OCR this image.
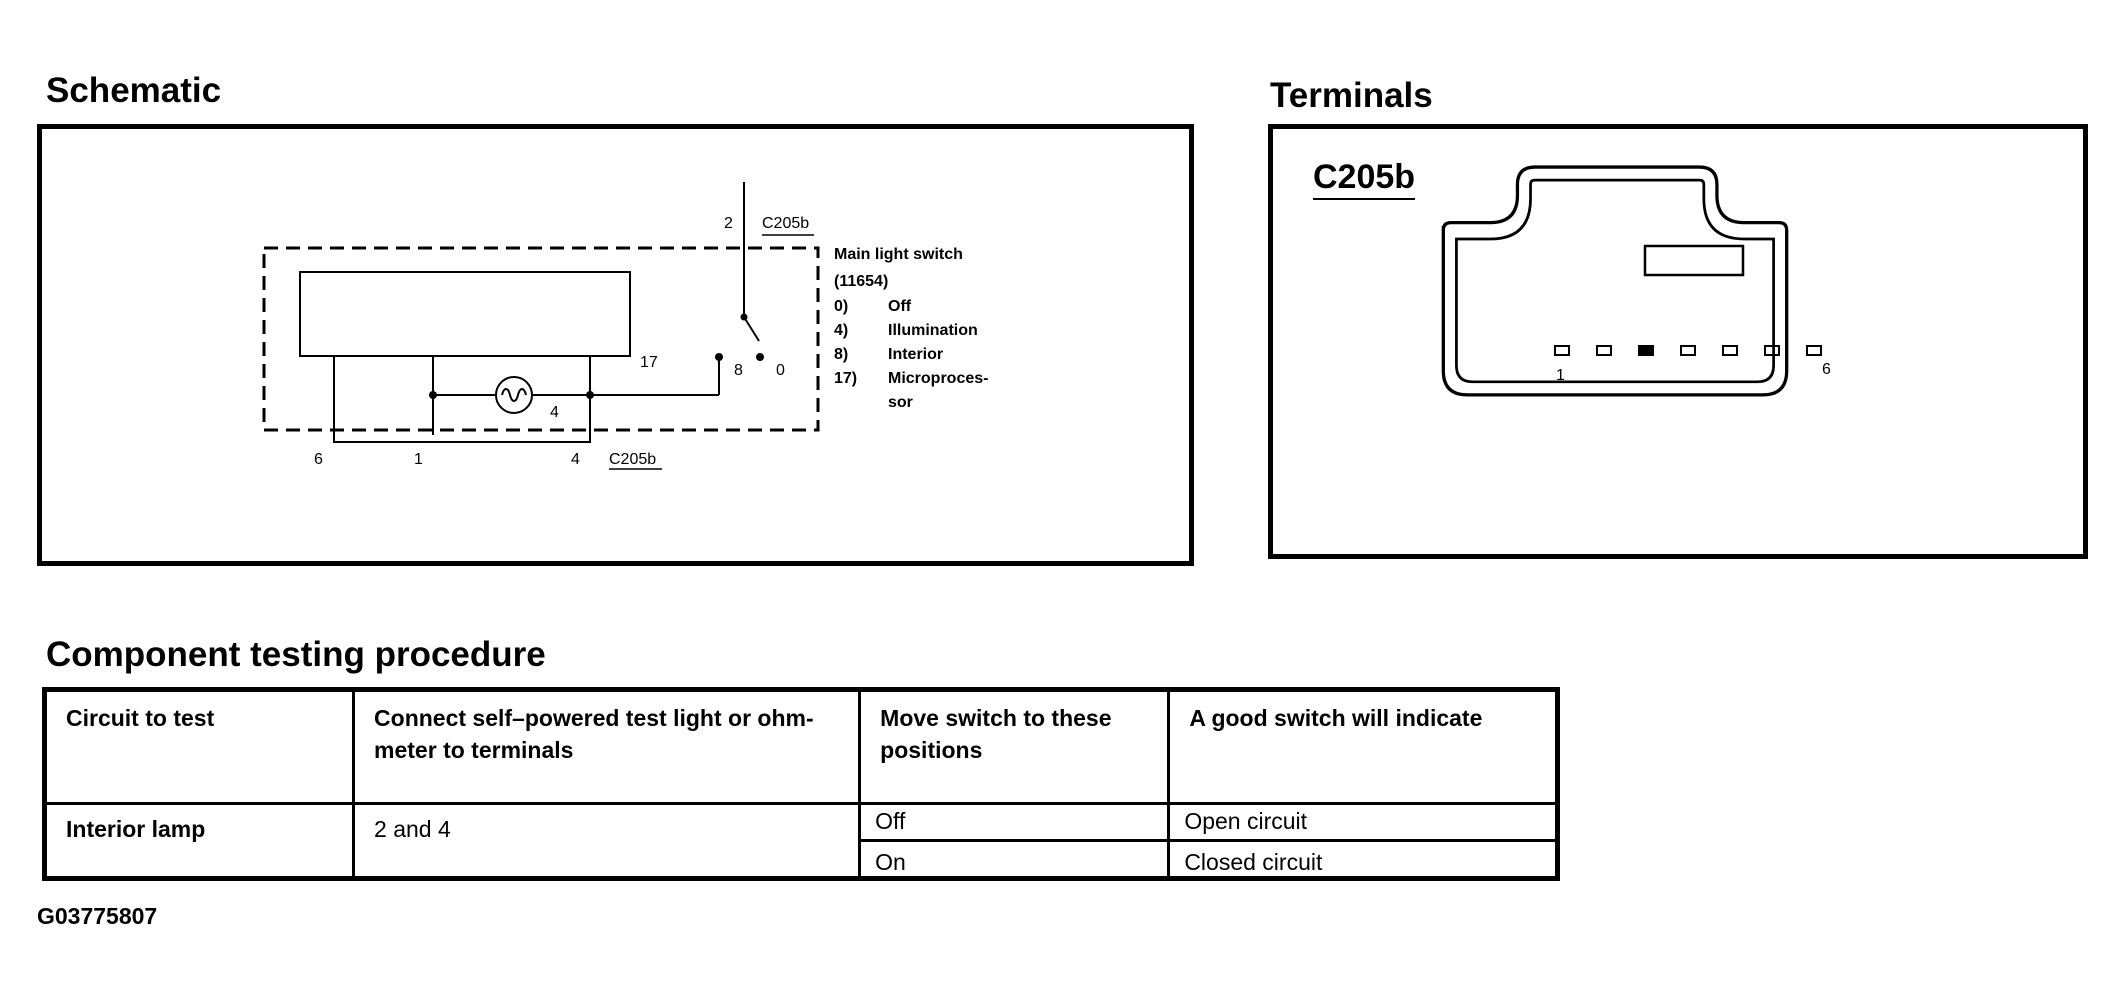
Schematic
2 C205b
17	8 0
4
6	1	4 C205b
Main light switch
(11654)
0) Off
4) Illumination
8) Interior
17) Microproces-
sor
Terminals
C205b
1	6
Component testing procedure
Circuit to test	Connect self–powered test light or ohm-meter to terminals	Move switch to these positions	A good switch will indicate
Interior lamp	2 and 4	Off	Open circuit
		On	Closed circuit
G03775807
